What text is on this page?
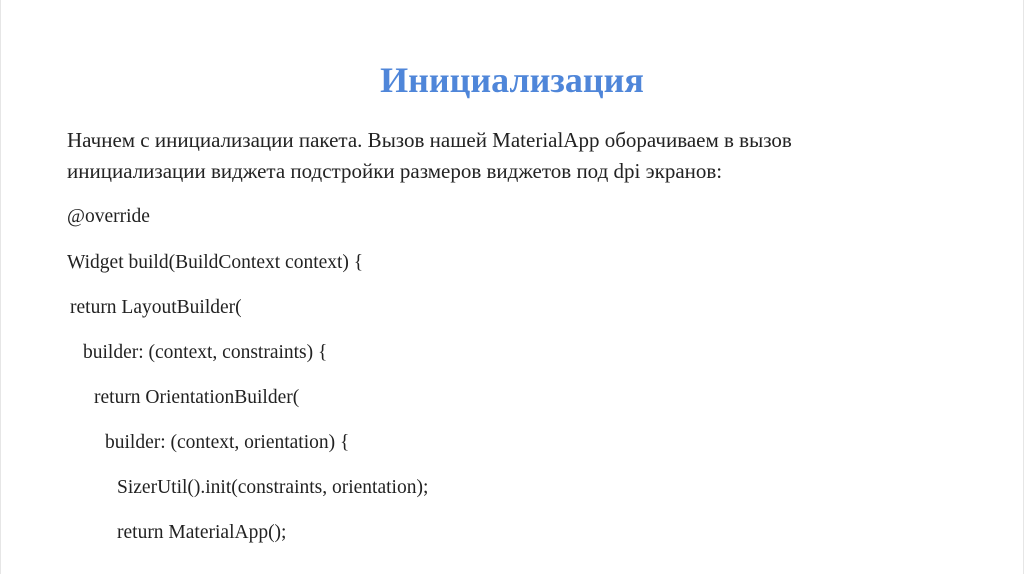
Инициализация

Начнем с инициализации пакета. Вызов нашей MaterialApp оборачиваем в вызов
инициализации виджета подстройки размеров виджетов под dpi экранов:

@override
Widget build(BuildContext context) {
return LayoutBuilder(
builder: (context, constraints) {
return OrientationBuilder(
builder: (context, orientation) {
SizerUtil().init(constraints, orientation);
return MaterialApp();
